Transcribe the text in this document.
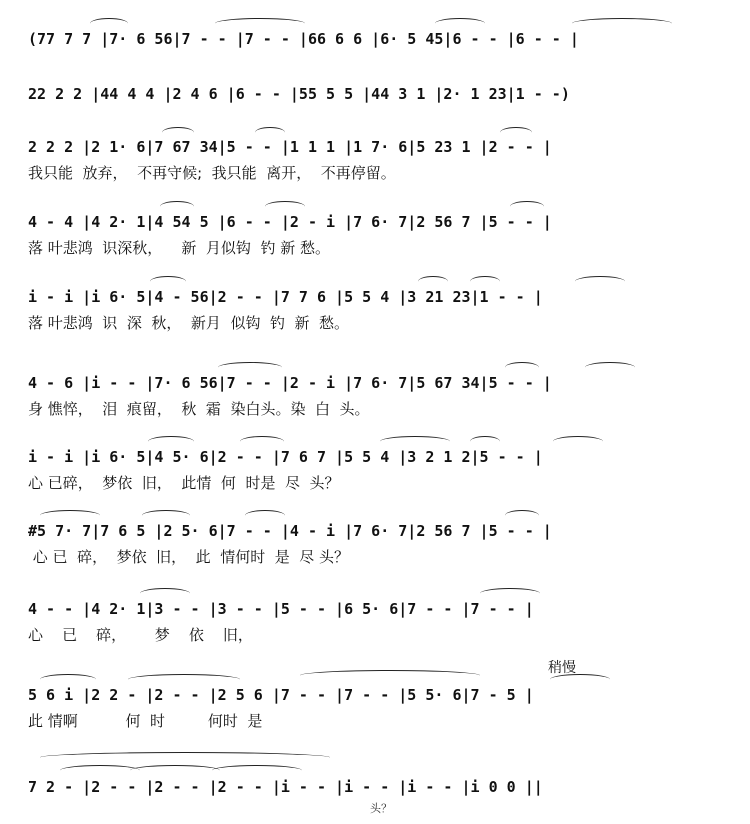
(77 7 7 |7· 6 56|7 - - |7 - - |66 6 6 |6· 5 45|6 - - |6 - - |
22 2 2 |44 4 4 |2 4 6 |6 - - |55 5 5 |44 3 1 |2· 1 23|1 - -)
2 2 2 |2 1· 6|7 67 34|5 - - |1 1 1 |1 7· 6|5 23 1 |2 - - |
我只能  放弃，  不再守候;  我只能  离开，  不再停留。
4 - 4 |4 2· 1|4 54 5 |6 - - |2 - i |7 6· 7|2 56 7 |5 - - |
落 叶悲鸿  识深秋，    新  月似钩  钓 新 愁。
i - i |i 6· 5|4 - 56|2 - - |7 7 6 |5 5 4 |3 21 23|1 - - |
落 叶悲鸿  识  深  秋，  新月  似钩  钓  新  愁。
4 - 6 |i - - |7· 6 56|7 - - |2 - i |7 6· 7|5 67 34|5 - - |
身 憔悴，  泪  痕留，  秋  霜  染白头。染  白  头。
i - i |i 6· 5|4 5· 6|2 - - |7 6 7 |5 5 4 |3 2 1 2|5 - - |
心 已碎，  梦依  旧，  此情  何  时是  尽  头？
#5 7· 7|7 6 5 |2 5· 6|7 - - |4 - i |7 6· 7|2 56 7 |5 - - |
心 已  碎，  梦依  旧，  此  情何时  是  尽 头？
4 - - |4 2· 1|3 - - |3 - - |5 - - |6 5· 6|7 - - |7 - - |
心    已    碎，      梦    依    旧，
稍慢
5 6 i |2 2 - |2 - - |2 5 6 |7 - - |7 - - |5 5· 6|7 - 5 |
此 情啊          何  时         何时  是
7 2 - |2 - - |2 - - |2 - - |i - - |i - - |i - - |i 0 0 ||
头？
